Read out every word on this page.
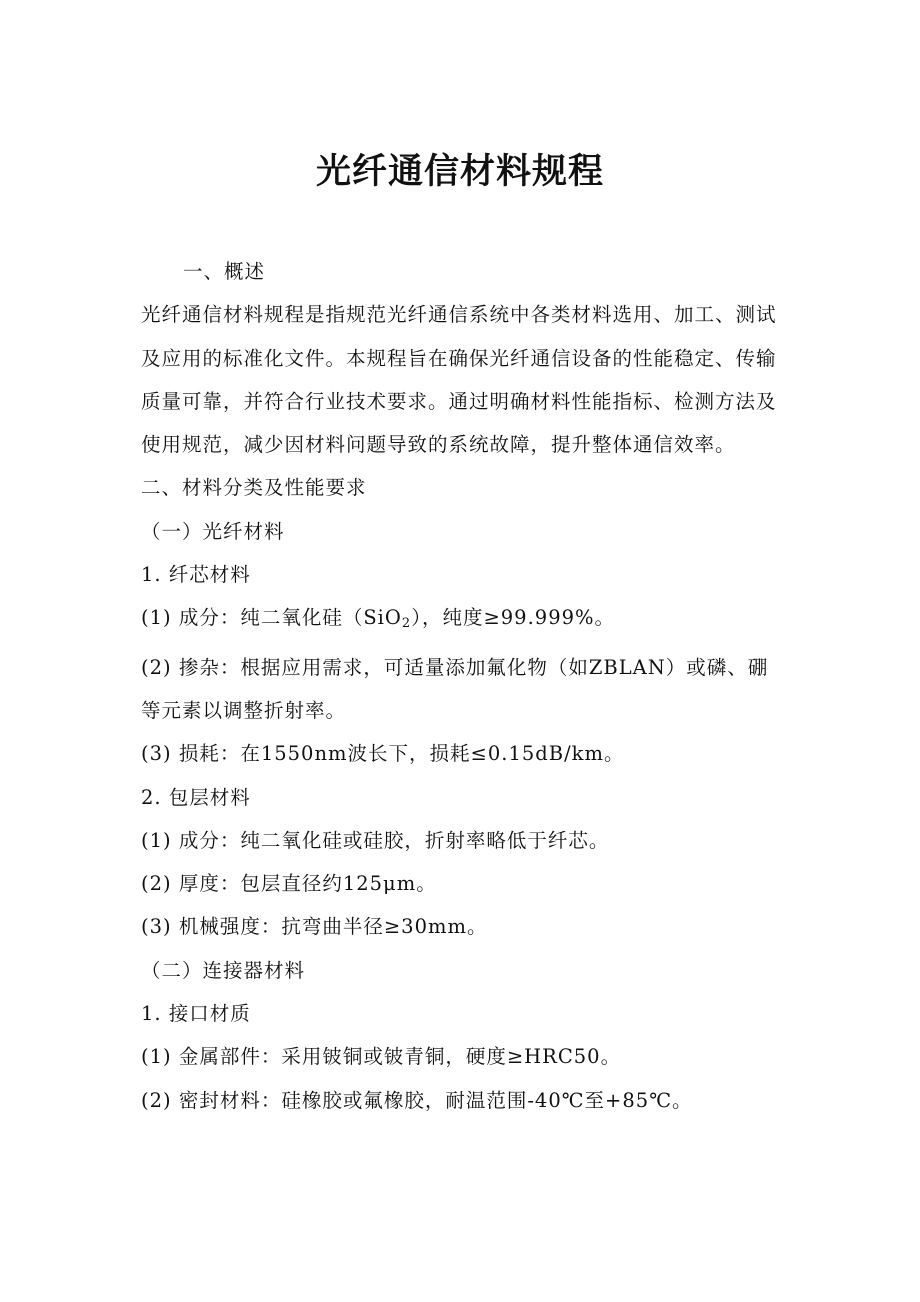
光纤通信材料规程

一、概述

光纤通信材料规程是指规范光纤通信系统中各类材料选用、加工、测试及应用的标准化文件。本规程旨在确保光纤通信设备的性能稳定、传输质量可靠，并符合行业技术要求。通过明确材料性能指标、检测方法及使用规范，减少因材料问题导致的系统故障，提升整体通信效率。

二、材料分类及性能要求

（一）光纤材料

1. 纤芯材料

(1) 成分：纯二氧化硅（SiO$_2$），纯度≥99.999%。

(2) 掺杂：根据应用需求，可适量添加氟化物（如ZBLAN）或磷、硼等元素以调整折射率。

(3) 损耗：在1550nm波长下，损耗≤0.15dB/km。

2. 包层材料

(1) 成分：纯二氧化硅或硅胶，折射率略低于纤芯。

(2) 厚度：包层直径约125μm。

(3) 机械强度：抗弯曲半径≥30mm。

（二）连接器材料

1. 接口材质

(1) 金属部件：采用铍铜或铍青铜，硬度≥HRC50。

(2) 密封材料：硅橡胶或氟橡胶，耐温范围-40℃至+85℃。
